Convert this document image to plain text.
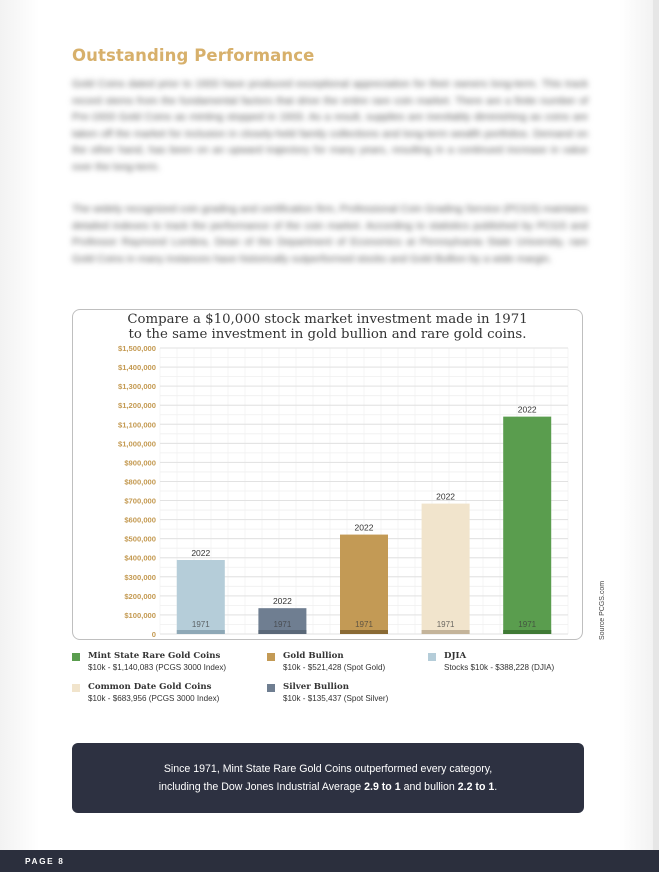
Outstanding Performance

Gold Coins dated prior to 1933 have produced exceptional appreciation for their owners long-term. This track record stems from the fundamental factors that drive the entire rare coin market. There are a finite number of Pre-1933 Gold Coins as minting stopped in 1933. As a result, supplies are inevitably diminishing as coins are taken off the market for inclusion in closely-held family collections and long-term wealth portfolios. Demand on the other hand, has been on an upward trajectory for many years, resulting in a continued increase in value over the long-term.

The widely recognized coin grading and certification firm, Professional Coin Grading Service (PCGS) maintains detailed indexes to track the performance of the coin market. According to statistics published by PCGS and Professor Raymond Lombra, Dean of the Department of Economics at Pennsylvania State University, rare Gold Coins in many instances have historically outperformed stocks and Gold Bullion by a wide margin.

$1,500,000
$1,400,000
$1,300,000
$1,200,000
$1,100,000
$1,000,000
$900,000
$800,000
$700,000
$600,000
$500,000
$400,000
$300,000
$200,000
$100,000
0
2022
1971
2022
1971
2022
1971
2022
1971
2022
1971
Compare a $10,000 stock market investment made in 1971
to the same investment in gold bullion and rare gold coins.
Source PCGS.com
Mint State Rare Gold Coins
$10k - $1,140,083 (PCGS 3000 Index)
Gold Bullion
$10k - $521,428 (Spot Gold)
DJIA
Stocks $10k - $388,228 (DJIA)
Common Date Gold Coins
$10k - $683,956 (PCGS 3000 Index)
Silver Bullion
$10k - $135,437 (Spot Silver)
Since 1971, Mint State Rare Gold Coins outperformed every category,
including the Dow Jones Industrial Average 2.9 to 1 and bullion 2.2 to 1.
PAGE 8
